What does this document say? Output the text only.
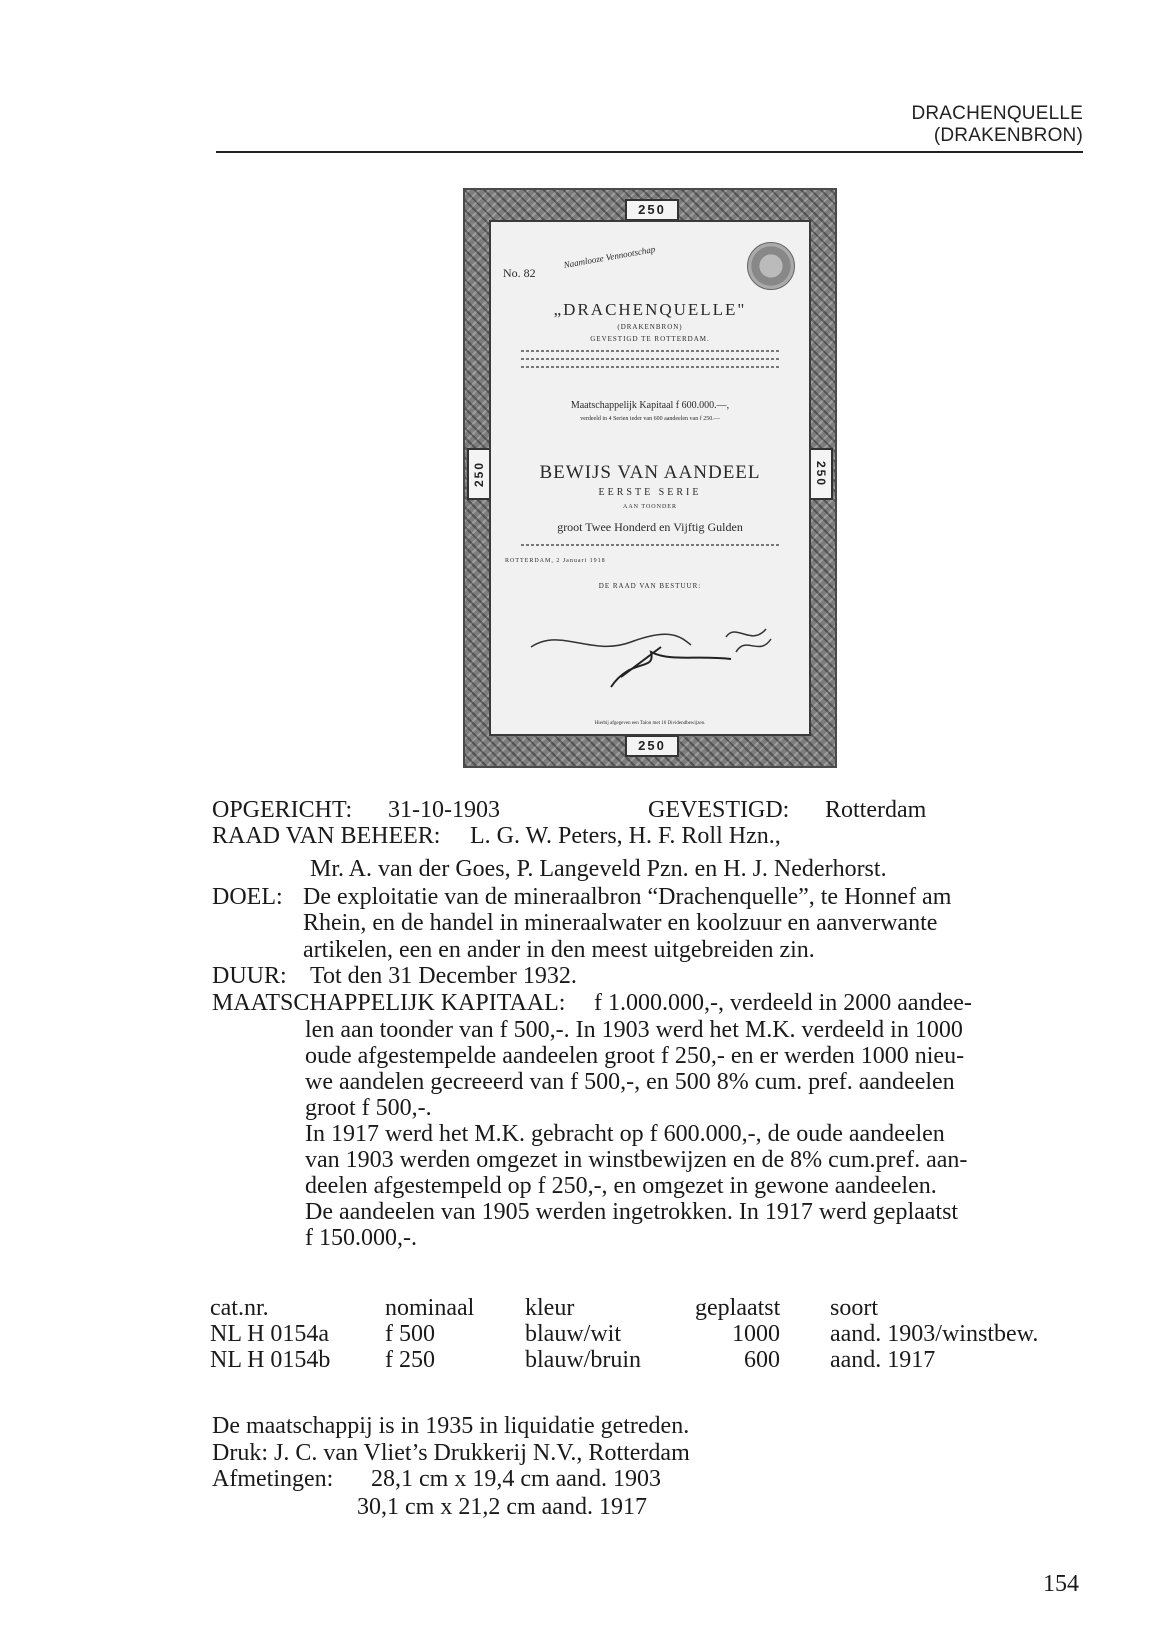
DRACHENQUELLE
(DRAKENBRON)
250
250
250	250
No. 82
Naamlooze Vennootschap
„DRACHENQUELLE"
(DRAKENBRON)
GEVESTIGD TE ROTTERDAM.
Maatschappelijk Kapitaal f 600.000.—,
verdeeld in 4 Serien ieder van 600 aandeelen van f 250.—
BEWIJS VAN AANDEEL
EERSTE SERIE
AAN TOONDER
groot Twee Honderd en Vijftig Gulden
ROTTERDAM, 2 Januari 1918
DE RAAD VAN BESTUUR:
Hierbij afgegeven een Talon met 16 Dividendbewijzen.
OPGERICHT: 31-10-1903	GEVESTIGD: Rotterdam
RAAD VAN BEHEER: L. G. W. Peters, H. F. Roll Hzn.,
Mr. A. van der Goes, P. Langeveld Pzn. en H. J. Nederhorst.
DOEL: De exploitatie van de mineraalbron “Drachenquelle”, te Honnef am
Rhein, en de handel in mineraalwater en koolzuur en aanverwante
artikelen, een en ander in den meest uitgebreiden zin.
DUUR: Tot den 31 December 1932.
MAATSCHAPPELIJK KAPITAAL: f 1.000.000,-, verdeeld in 2000 aandee-
len aan toonder van f 500,-. In 1903 werd het M.K. verdeeld in 1000
oude afgestempelde aandeelen groot f 250,- en er werden 1000 nieu-
we aandelen gecreeerd van f 500,-, en 500 8% cum. pref. aandeelen
groot f 500,-.
In 1917 werd het M.K. gebracht op f 600.000,-, de oude aandeelen
van 1903 werden omgezet in winstbewijzen en de 8% cum.pref. aan-
deelen afgestempeld op f 250,-, en omgezet in gewone aandeelen.
De aandeelen van 1905 werden ingetrokken. In 1917 werd geplaatst
f 150.000,-.
cat.nr.	nominaal	kleur	geplaatst	soort
NL H 0154a	f 500	blauw/wit	1000	aand. 1903/winstbew.
NL H 0154b	f 250	blauw/bruin	600	aand. 1917
De maatschappij is in 1935 in liquidatie getreden.
Druk: J. C. van Vliet’s Drukkerij N.V., Rotterdam
Afmetingen: 28,1 cm x 19,4 cm aand. 1903
30,1 cm x 21,2 cm aand. 1917
154
